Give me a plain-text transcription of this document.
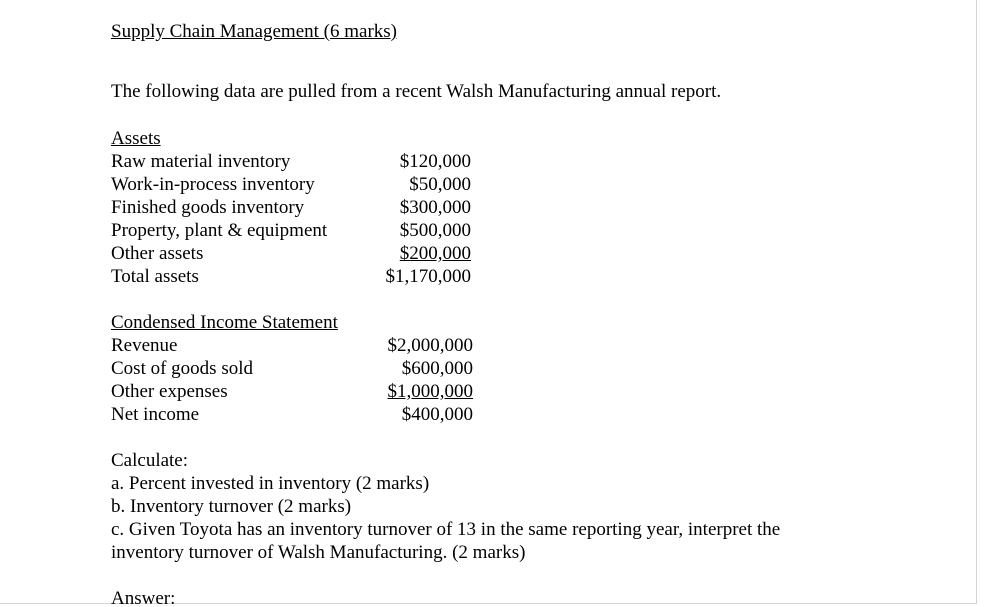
Supply Chain Management (6 marks)
The following data are pulled from a recent Walsh Manufacturing annual report.
Assets
Raw material inventory	$120,000
Work-in-process inventory	$50,000
Finished goods inventory	$300,000
Property, plant & equipment	$500,000
Other assets	$200,000
Total assets	$1,170,000
Condensed Income Statement
Revenue	$2,000,000
Cost of goods sold	$600,000
Other expenses	$1,000,000
Net income	$400,000
Calculate:
a. Percent invested in inventory (2 marks)
b. Inventory turnover (2 marks)
c. Given Toyota has an inventory turnover of 13 in the same reporting year, interpret the
inventory turnover of Walsh Manufacturing. (2 marks)
Answer:
